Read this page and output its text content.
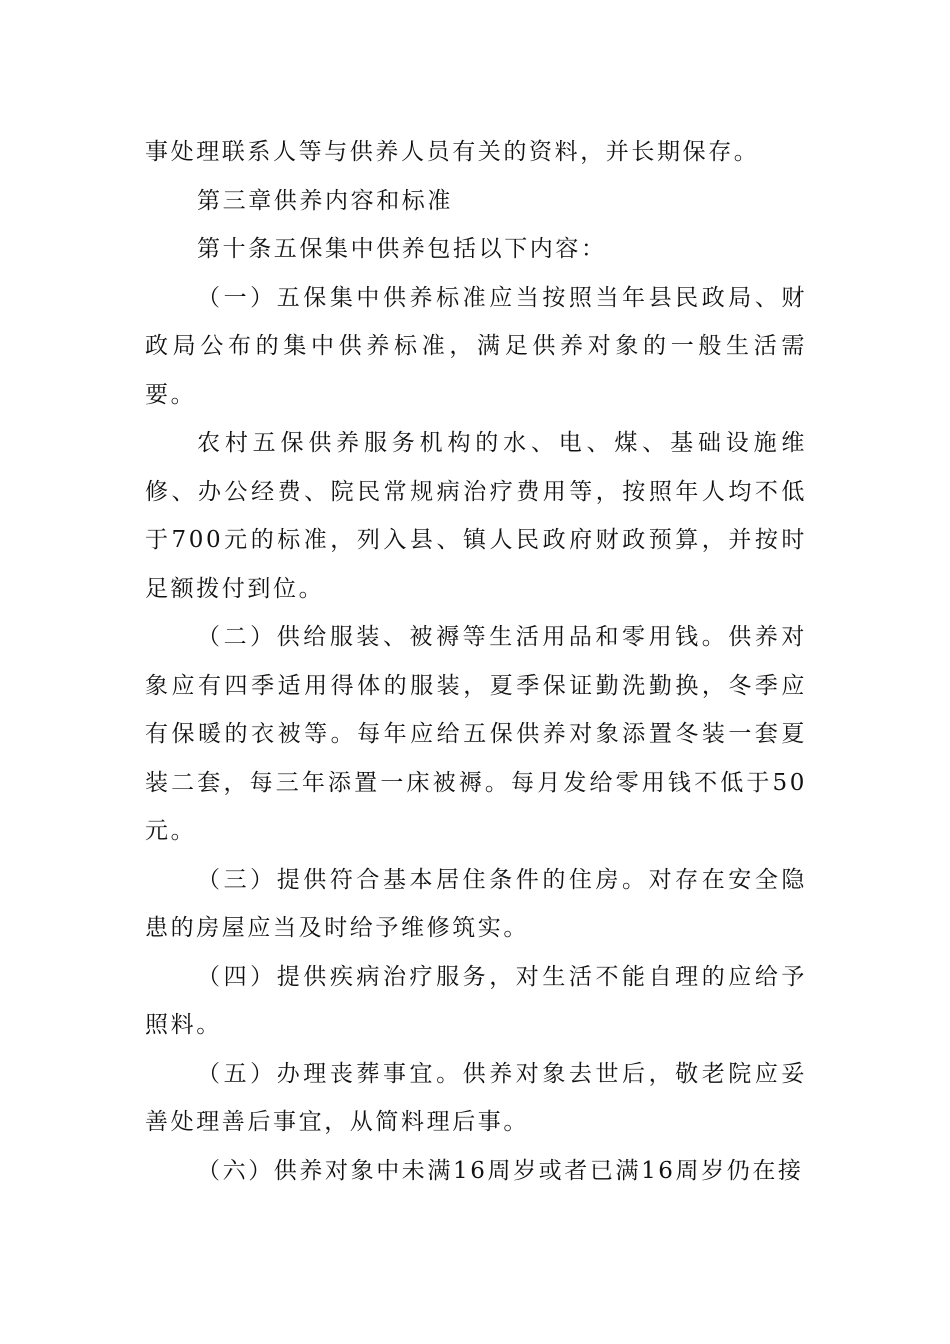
事处理联系人等与供养人员有关的资料，并长期保存。

第三章供养内容和标准

第十条五保集中供养包括以下内容：

（一）五保集中供养标准应当按照当年县民政局、财政局公布的集中供养标准，满足供养对象的一般生活需要。

农村五保供养服务机构的水、电、煤、基础设施维修、办公经费、院民常规病治疗费用等，按照年人均不低于700元的标准，列入县、镇人民政府财政预算，并按时足额拨付到位。

（二）供给服装、被褥等生活用品和零用钱。供养对象应有四季适用得体的服装，夏季保证勤洗勤换，冬季应有保暖的衣被等。每年应给五保供养对象添置冬装一套夏装二套，每三年添置一床被褥。每月发给零用钱不低于50元。

（三）提供符合基本居住条件的住房。对存在安全隐患的房屋应当及时给予维修筑实。

（四）提供疾病治疗服务，对生活不能自理的应给予照料。

（五）办理丧葬事宜。供养对象去世后，敬老院应妥善处理善后事宜，从简料理后事。

（六）供养对象中未满16周岁或者已满16周岁仍在接
